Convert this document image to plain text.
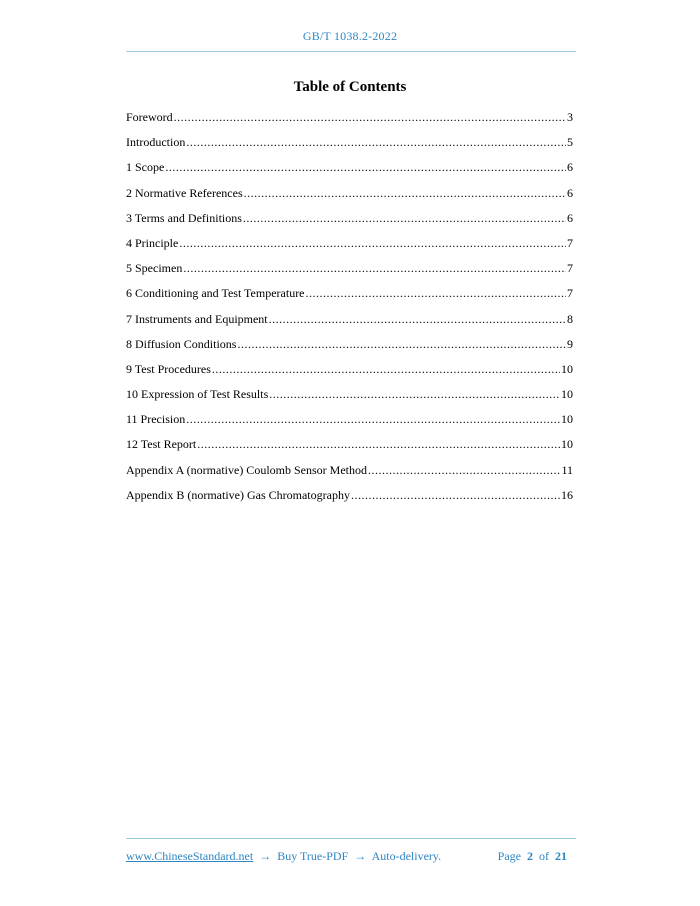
GB/T 1038.2-2022
Table of Contents
Foreword .....	3
Introduction .....	5
1 Scope .....	6
2 Normative References .....	6
3 Terms and Definitions .....	6
4 Principle .....	7
5 Specimen .....	7
6 Conditioning and Test Temperature .....	7
7 Instruments and Equipment .....	8
8 Diffusion Conditions .....	9
9 Test Procedures .....	10
10 Expression of Test Results .....	10
11 Precision .....	10
12 Test Report .....	10
Appendix A (normative) Coulomb Sensor Method .....	11
Appendix B (normative) Gas Chromatography .....	16
www.ChineseStandard.net → Buy True-PDF → Auto-delivery.	Page 2 of 21
